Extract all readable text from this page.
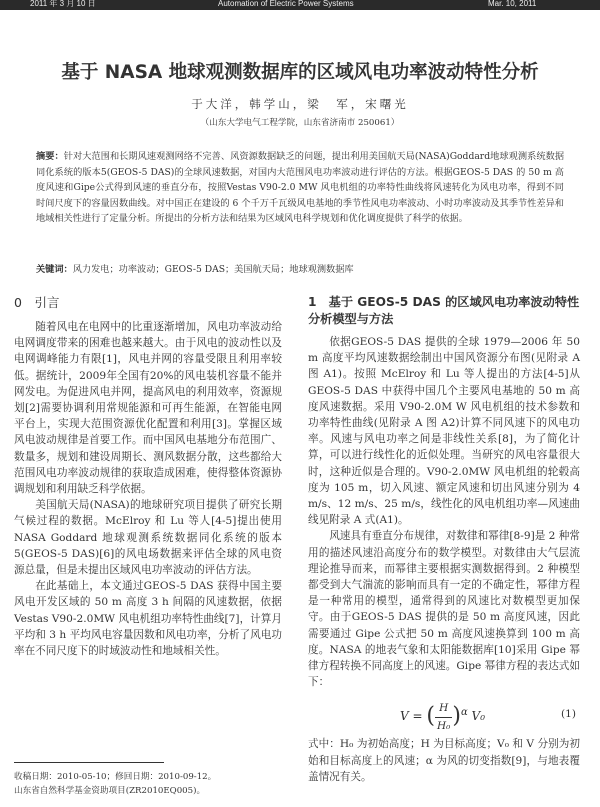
2011 年 3 月 10 日	Automation of Electric Power Systems	Mar. 10, 2011
基于 NASA 地球观测数据库的区域风电功率波动特性分析
于大洋，韩学山，梁　军，宋曙光
（山东大学电气工程学院，山东省济南市 250061）
摘要：针对大范围和长期风速观测网络不完善、风资源数据缺乏的问题，提出利用美国航天局(NASA)Goddard地球观测系统数据同化系统的版本5(GEOS-5 DAS)的全球风速数据，对国内大范围风电功率波动进行评估的方法。根据GEOS-5 DAS 的 50 m 高度风速和Gipe公式得到风速的垂直分布，按照Vestas V90-2.0 MW 风电机组的功率特性曲线将风速转化为风电功率，得到不同时间尺度下的容量因数曲线。对中国正在建设的 6 个千万千瓦级风电基地的季节性风电功率波动、小时功率波动及其季节性差异和地域相关性进行了定量分析。所提出的分析方法和结果为区域风电科学规划和优化调度提供了科学的依据。
关键词：风力发电；功率波动；GEOS-5 DAS；美国航天局；地球观测数据库
0　引言

随着风电在电网中的比重逐渐增加，风电功率波动给电网调度带来的困难也越来越大。由于风电的波动性以及电网调峰能力有限[1]，风电并网的容量受限且利用率较低。据统计，2009年全国有20%的风电装机容量不能并网发电。为促进风电并网，提高风电的利用效率，资源规划[2]需要协调利用常规能源和可再生能源，在智能电网平台上，实现大范围资源优化配置和利用[3]。掌握区域风电波动规律是首要工作。而中国风电基地分布范围广、数量多，规划和建设周期长、测风数据分散，这些都给大范围风电功率波动规律的获取造成困难，使得整体资源协调规划和利用缺乏科学依据。

美国航天局(NASA)的地球研究项目提供了研究长期气候过程的数据。McElroy 和 Lu 等人[4-5]提出使用 NASA Goddard 地球观测系统数据同化系统的版本 5(GEOS-5 DAS)[6]的风电场数据来评估全球的风电资源总量，但是未提出区域风电功率波动的评估方法。

在此基础上，本文通过GEOS-5 DAS 获得中国主要风电开发区域的 50 m 高度 3 h 间隔的风速数据，依据Vestas V90-2.0MW 风电机组功率特性曲线[7]，计算月平均和 3 h 平均风电容量因数和风电功率，分析了风电功率在不同尺度下的时域波动性和地域相关性。

1　基于 GEOS-5 DAS 的区域风电功率波动特性分析模型与方法

依据GEOS-5 DAS 提供的全球 1979—2006 年 50 m 高度平均风速数据绘制出中国风资源分布图(见附录 A 图 A1)。按照 McElroy 和 Lu 等人提出的方法[4-5]从GEOS-5 DAS 中获得中国几个主要风电基地的 50 m 高度风速数据。采用 V90-2.0M W 风电机组的技术参数和功率特性曲线(见附录 A 图 A2)计算不同风速下的风电功率。风速与风电功率之间是非线性关系[8]，为了简化计算，可以进行线性化的近似处理。当研究的风电容量很大时，这种近似是合理的。V90-2.0MW 风电机组的轮毂高度为 105 m，切入风速、额定风速和切出风速分别为 4 m/s、12 m/s、25 m/s，线性化的风电机组功率—风速曲线见附录 A 式(A1)。

风速具有垂直分布规律，对数律和幂律[8-9]是 2 种常用的描述风速沿高度分布的数学模型。对数律由大气层流理论推导而来，而幂律主要根据实测数据得到。2 种模型都受到大气湍流的影响而具有一定的不确定性，幂律方程是一种常用的模型，通常得到的风速比对数模型更加保守。由于GEOS-5 DAS 提供的是 50 m 高度风速，因此需要通过 Gipe 公式把 50 m 高度风速换算到 100 m 高度。NASA 的地表气象和太阳能数据库[10]采用 Gipe 幂律方程转换不同高度上的风速。Gipe 幂律方程的表达式如下：

V = ( $\frac{H}{\text{H₀}} )^\alpha$ V₀	(1)

式中：H₀ 为初始高度；H 为目标高度；V₀ 和 V 分别为初始和目标高度上的风速；α 为风的切变指数[9]，与地表覆盖情况有关。

收稿日期：2010-05-10；修回日期：2010-09-12。
山东省自然科学基金资助项目(ZR2010EQ005)。
